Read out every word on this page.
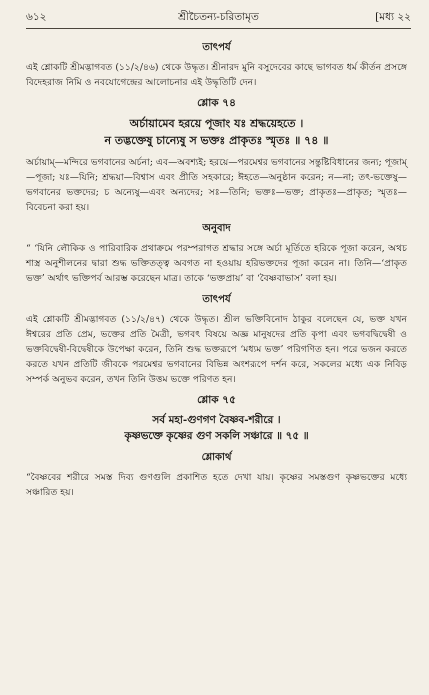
৬১২	শ্রীচৈতন্য-চরিতামৃত	[মধ্য ২২
তাৎপর্য

এই শ্লোকটি শ্রীমদ্ভাগবত (১১/২/৪৬) থেকে উদ্ধৃত। শ্রীনারদ মুনি বসুদেবের কাছে ভাগবত ধর্ম কীর্তন প্রসঙ্গে বিদেহরাজ নিমি ও নবযোগেন্দ্রের আলোচনার এই উদ্ধৃতিটি দেন।

শ্লোক ৭৪

অর্চায়ামেব হরয়ে পূজাং যঃ শ্রদ্ধয়েহতে ।

ন তদ্ভক্তেষু চান্যেষু স ভক্তঃ প্রাকৃতঃ স্মৃতঃ ॥ ৭৪ ॥

অর্চায়াম্—মন্দিরে ভগবানের অর্চনা; এব—অবশ্যই; হরয়ে—পরমেশ্বর ভগবানের সন্তুষ্টিবিধানের জন্য; পূজাম্—পূজা; যঃ—যিনি; শ্রদ্ধয়া—বিশ্বাস এবং প্রীতি সহকারে; ঈহতে—অনুষ্ঠান করেন; ন—না; তৎ-ভক্তেষু—ভগবানের ভক্তদের; চ অন্যেষু—এবং অন্যদের; সঃ—তিনি; ভক্তঃ—ভক্ত; প্রাকৃতঃ—প্রাকৃত; স্মৃতঃ—বিবেচনা করা হয়।

অনুবাদ

“ ‘যিনি লৌকিক ও পারিবারিক প্রথাক্রমে পরম্পরাগত শ্রদ্ধার সঙ্গে অর্চা মূর্তিতে হরিকে পূজা করেন, অথচ শাস্ত্র অনুশীলনের দ্বারা শুদ্ধ ভক্তিতত্ত্ব অবগত না হওয়ায় হরিভক্তদের পূজা করেন না। তিনি—‘প্রাকৃত ভক্ত’ অর্থাৎ ভক্তিপর্ব আরম্ভ করেছেন মাত্র। তাকে ‘ভক্তপ্রায়’ বা ‘বৈষ্ণবাভাস’ বলা হয়।

তাৎপর্য

এই শ্লোকটি শ্রীমদ্ভাগবত (১১/২/৪৭) থেকে উদ্ধৃত। শ্রীল ভক্তিবিনোদ ঠাকুর বলেছেন যে, ভক্ত যখন ঈশ্বরের প্রতি প্রেম, ভক্তের প্রতি মৈত্রী, ভগবৎ বিষয়ে অজ্ঞ মানুষদের প্রতি কৃপা এবং ভগবদ্বিদ্বেষী ও ভক্তবিদ্বেষী-বিদ্বেষীকে উপেক্ষা করেন, তিনি শুদ্ধ ভক্তরূপে ‘মধ্যম ভক্ত’ পরিগণিত হন। পরে ভজন করতে করতে যখন প্রতিটি জীবকে পরমেশ্বর ভগবানের বিভিন্ন অংশরূপে দর্শন করে, সকলের মধ্যে এক নিবিড় সম্পর্ক অনুভব করেন, তখন তিনি উত্তম ভক্তে পরিণত হন।

শ্লোক ৭৫

সর্ব মহা-গুণগণ বৈষ্ণব-শরীরে ।

কৃষ্ণভক্তে কৃষ্ণের গুণ সকলি সঞ্চারে ॥ ৭৫ ॥

শ্লোকার্থ

“বৈষ্ণবের শরীরে সমস্ত দিব্য গুণগুলি প্রকাশিত হতে দেখা যায়। কৃষ্ণের সমস্তগুণ কৃষ্ণভক্তের মধ্যে সঞ্চারিত হয়।
